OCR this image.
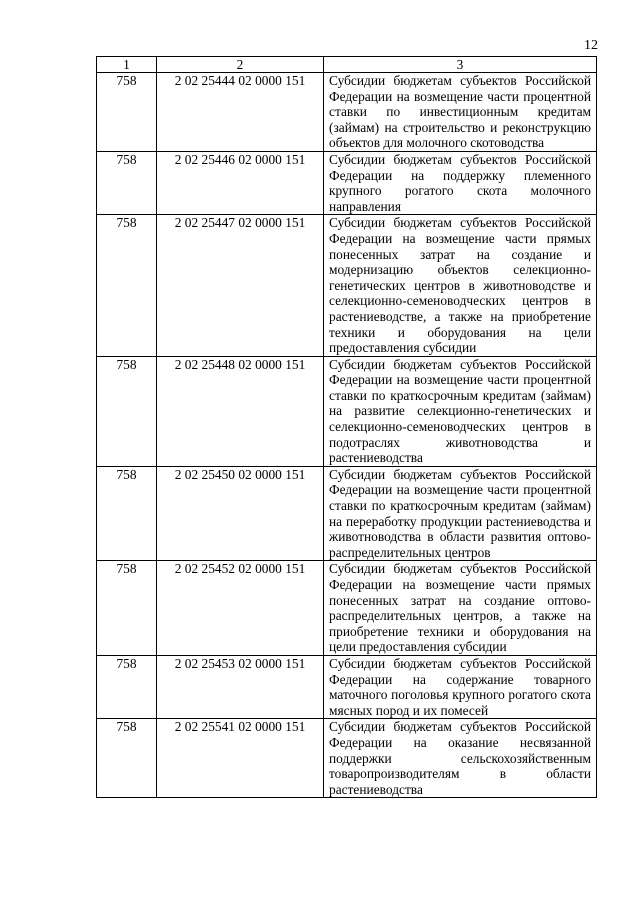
12
1	2	3
758	2 02 25444 02 0000 151	Субсидии бюджетам субъектов Российской Федерации на возмещение части процентной ставки по инвестиционным кредитам (займам) на строительство и реконструкцию объектов для молочного скотоводства
758	2 02 25446 02 0000 151	Субсидии бюджетам субъектов Российской Федерации на поддержку племенного крупного рогатого скота молочного направления
758	2 02 25447 02 0000 151	Субсидии бюджетам субъектов Российской Федерации на возмещение части прямых понесенных затрат на создание и модернизацию объектов селекционно-генетических центров в животноводстве и селекционно-семеноводческих центров в растениеводстве, а также на приобретение техники и оборудования на цели предоставления субсидии
758	2 02 25448 02 0000 151	Субсидии бюджетам субъектов Российской Федерации на возмещение части процентной ставки по краткосрочным кредитам (займам) на развитие селекционно-генетических и селекционно-семеноводческих центров в подотраслях животноводства и растениеводства
758	2 02 25450 02 0000 151	Субсидии бюджетам субъектов Российской Федерации на возмещение части процентной ставки по краткосрочным кредитам (займам) на переработку продукции растениеводства и животноводства в области развития оптово-распределительных центров
758	2 02 25452 02 0000 151	Субсидии бюджетам субъектов Российской Федерации на возмещение части прямых понесенных затрат на создание оптово-распределительных центров, а также на приобретение техники и оборудования на цели предоставления субсидии
758	2 02 25453 02 0000 151	Субсидии бюджетам субъектов Российской Федерации на содержание товарного маточного поголовья крупного рогатого скота мясных пород и их помесей
758	2 02 25541 02 0000 151	Субсидии бюджетам субъектов Российской Федерации на оказание несвязанной поддержки сельскохозяйственным товаропроизводителям в области растениеводства
